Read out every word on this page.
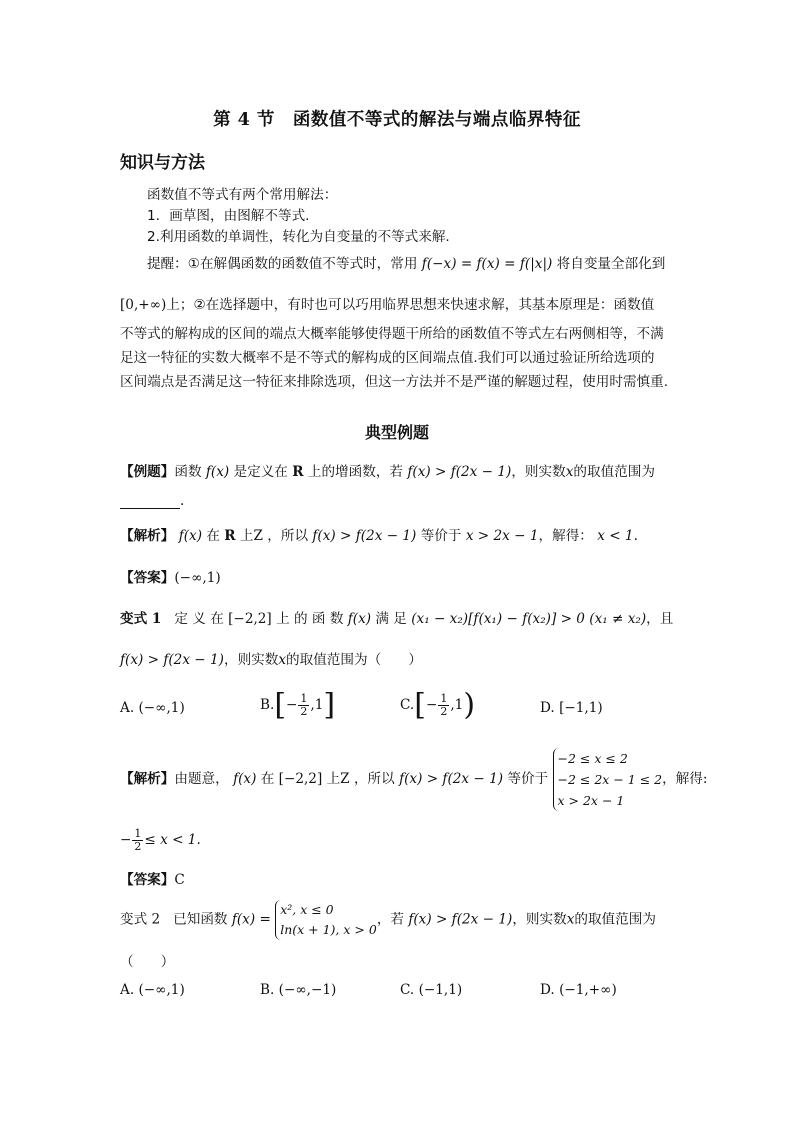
第 4 节　函数值不等式的解法与端点临界特征
知识与方法
函数值不等式有两个常用解法：
1．画草图，由图解不等式.
2.利用函数的单调性，转化为自变量的不等式来解.
提醒：①在解偶函数的函数值不等式时，常用 f(−x) = f(x) = f(|x|) 将自变量全部化到
[0,+∞)上；②在选择题中，有时也可以巧用临界思想来快速求解，其基本原理是：函数值
不等式的解构成的区间的端点大概率能够使得题干所给的函数值不等式左右两侧相等，不满
足这一特征的实数大概率不是不等式的解构成的区间端点值.我们可以通过验证所给选项的
区间端点是否满足这一特征来排除选项，但这一方法并不是严谨的解题过程，使用时需慎重.
典型例题
【例题】函数 f(x) 是定义在 R 上的增函数，若 f(x) > f(2x − 1)，则实数x的取值范围为
.
【解析】 f(x) 在 R 上Z ，所以 f(x) > f(2x − 1) 等价于 x > 2x − 1，解得： x < 1.
【答案】(−∞,1)
变式 1 定 义 在 [−2,2] 上 的 函 数 f(x) 满 足 (x₁ − x₂)[f(x₁) − f(x₂)] > 0 (x₁ ≠ x₂)，且
f(x) > f(2x − 1)，则实数x的取值范围为（　　）
A. (−∞,1)	$B.[- \frac{1}{2} ,1]$	$C.[- \frac{1}{2} ,1)$	D. [−1,1)
【解析】由题意， f(x) 在 [−2,2] 上Z ，所以 f(x) > f(2x − 1) 等价于 −2 ≤ x ≤ 2
−2 ≤ 2x − 1 ≤ 2
x > 2x − 1，解得:
− $\frac{1}{2} \le x < 1$.
【答案】C
变式 2 已知函数 f(x) = x², x ≤ 0
ln(x + 1), x > 0，若 f(x) > f(2x − 1)，则实数x的取值范围为
（　　）
A. (−∞,1)	B. (−∞,−1)	C. (−1,1)	D. (−1,+∞)
